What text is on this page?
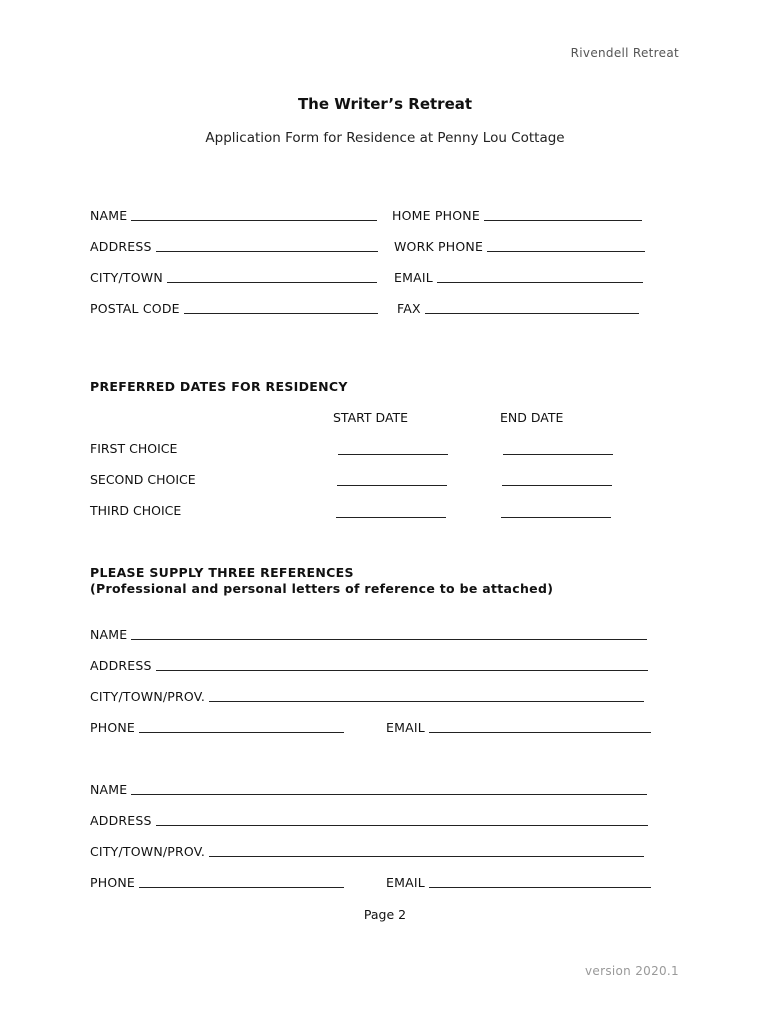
Rivendell Retreat
The Writer’s Retreat
Application Form for Residence at Penny Lou Cottage
NAME	HOME PHONE
ADDRESS	WORK PHONE
CITY/TOWN	EMAIL
POSTAL CODE	FAX
PREFERRED DATES FOR RESIDENCY
START DATE	END DATE
FIRST CHOICE
SECOND CHOICE
THIRD CHOICE
PLEASE SUPPLY THREE REFERENCES
(Professional and personal letters of reference to be attached)
NAME
ADDRESS
CITY/TOWN/PROV.
PHONE	EMAIL
NAME
ADDRESS
CITY/TOWN/PROV.
PHONE	EMAIL
Page 2
version 2020.1
